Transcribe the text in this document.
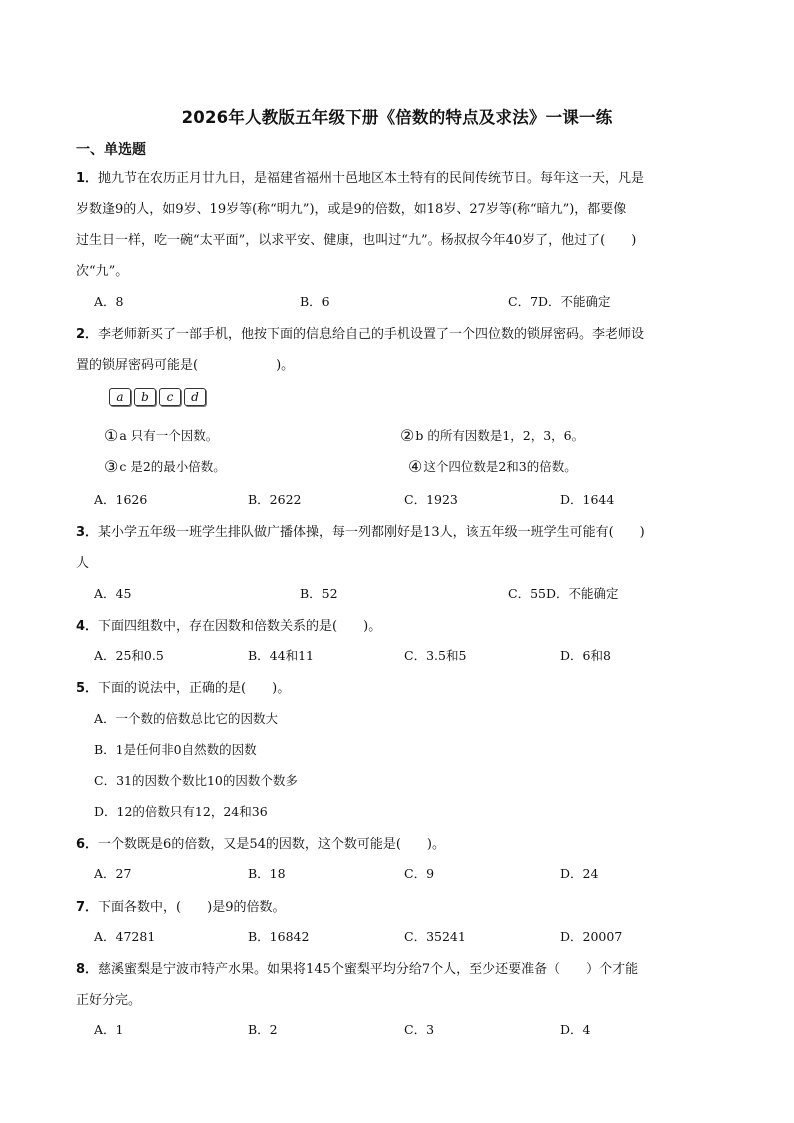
2026年人教版五年级下册《倍数的特点及求法》一课一练
一、单选题
1．抛九节在农历正月廿九日，是福建省福州十邑地区本土特有的民间传统节日。每年这一天，凡是
岁数逢9的人，如9岁、19岁等(称“明九”)，或是9的倍数，如18岁、27岁等(称“暗九”)，都要像
过生日一样，吃一碗“太平面”，以求平安、健康，也叫过“九”。杨叔叔今年40岁了，他过了(　　)
次“九”。
A．8	B．6	C．7D．不能确定
2．李老师新买了一部手机，他按下面的信息给自己的手机设置了一个四位数的锁屏密码。李老师设
置的锁屏密码可能是(　　　　　　)。
a	b	c	d
①a 只有一个因数。	②b 的所有因数是1，2，3，6。
③c 是2的最小倍数。	④这个四位数是2和3的倍数。
A．1626	B．2622	C．1923	D．1644
3．某小学五年级一班学生排队做广播体操，每一列都刚好是13人，该五年级一班学生可能有(　　)
人
A．45	B．52	C．55D．不能确定
4．下面四组数中，存在因数和倍数关系的是(　　)。
A．25和0.5	B．44和11	C．3.5和5	D．6和8
5．下面的说法中，正确的是(　　)。
A．一个数的倍数总比它的因数大
B．1是任何非0自然数的因数
C．31的因数个数比10的因数个数多
D．12的倍数只有12，24和36
6．一个数既是6的倍数，又是54的因数，这个数可能是(　　)。
A．27	B．18	C．9	D．24
7．下面各数中，(　　)是9的倍数。
A．47281	B．16842	C．35241	D．20007
8．慈溪蜜梨是宁波市特产水果。如果将145个蜜梨平均分给7个人，至少还要准备（　　）个才能
正好分完。
A．1	B．2	C．3	D．4
